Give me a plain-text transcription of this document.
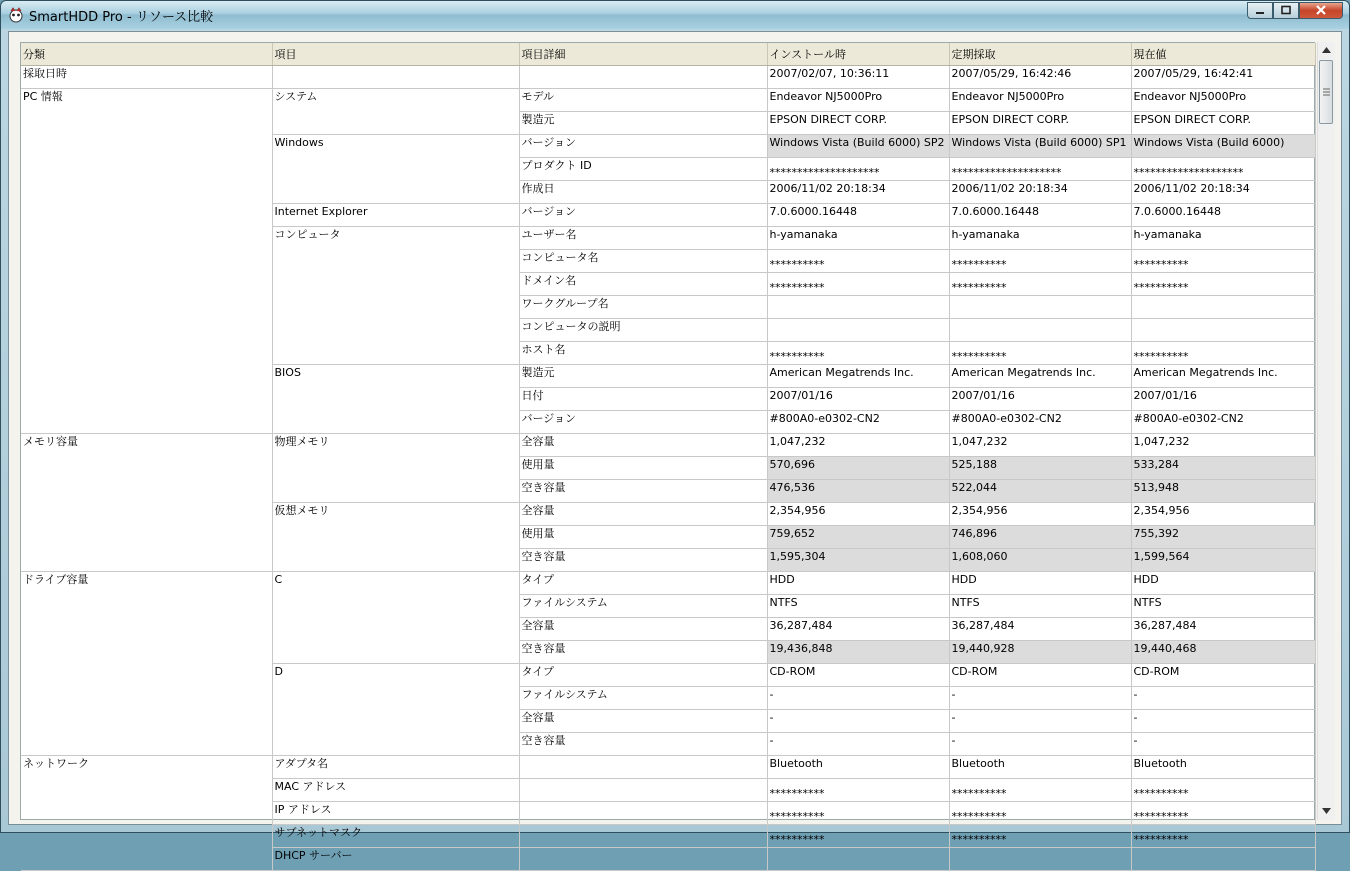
SmartHDD Pro - リソース比較
分類	項目	項目詳細	インストール時	定期採取	現在値
採取日時			2007/02/07, 10:36:11	2007/05/29, 16:42:46	2007/05/29, 16:42:41
PC 情報	システム	モデル	Endeavor NJ5000Pro	Endeavor NJ5000Pro	Endeavor NJ5000Pro
		製造元	EPSON DIRECT CORP.	EPSON DIRECT CORP.	EPSON DIRECT CORP.
	Windows	バージョン	Windows Vista (Build 6000) SP2	Windows Vista (Build 6000) SP1	Windows Vista (Build 6000)
		プロダクト ID	********************	********************	********************
		作成日	2006/11/02 20:18:34	2006/11/02 20:18:34	2006/11/02 20:18:34
	Internet Explorer	バージョン	7.0.6000.16448	7.0.6000.16448	7.0.6000.16448
	コンピュータ	ユーザー名	h-yamanaka	h-yamanaka	h-yamanaka
		コンピュータ名	**********	**********	**********
		ドメイン名	**********	**********	**********
		ワークグループ名			
		コンピュータの説明			
		ホスト名	**********	**********	**********
	BIOS	製造元	American Megatrends Inc.	American Megatrends Inc.	American Megatrends Inc.
		日付	2007/01/16	2007/01/16	2007/01/16
		バージョン	#800A0-e0302-CN2	#800A0-e0302-CN2	#800A0-e0302-CN2
メモリ容量	物理メモリ	全容量	1,047,232	1,047,232	1,047,232
		使用量	570,696	525,188	533,284
		空き容量	476,536	522,044	513,948
	仮想メモリ	全容量	2,354,956	2,354,956	2,354,956
		使用量	759,652	746,896	755,392
		空き容量	1,595,304	1,608,060	1,599,564
ドライブ容量	C	タイプ	HDD	HDD	HDD
		ファイルシステム	NTFS	NTFS	NTFS
		全容量	36,287,484	36,287,484	36,287,484
		空き容量	19,436,848	19,440,928	19,440,468
	D	タイプ	CD-ROM	CD-ROM	CD-ROM
		ファイルシステム	-	-	-
		全容量	-	-	-
		空き容量	-	-	-
ネットワーク	アダプタ名		Bluetooth	Bluetooth	Bluetooth
	MAC アドレス		**********	**********	**********
	IP アドレス		**********	**********	**********
	サブネットマスク		**********	**********	**********
	DHCP サーバー				
